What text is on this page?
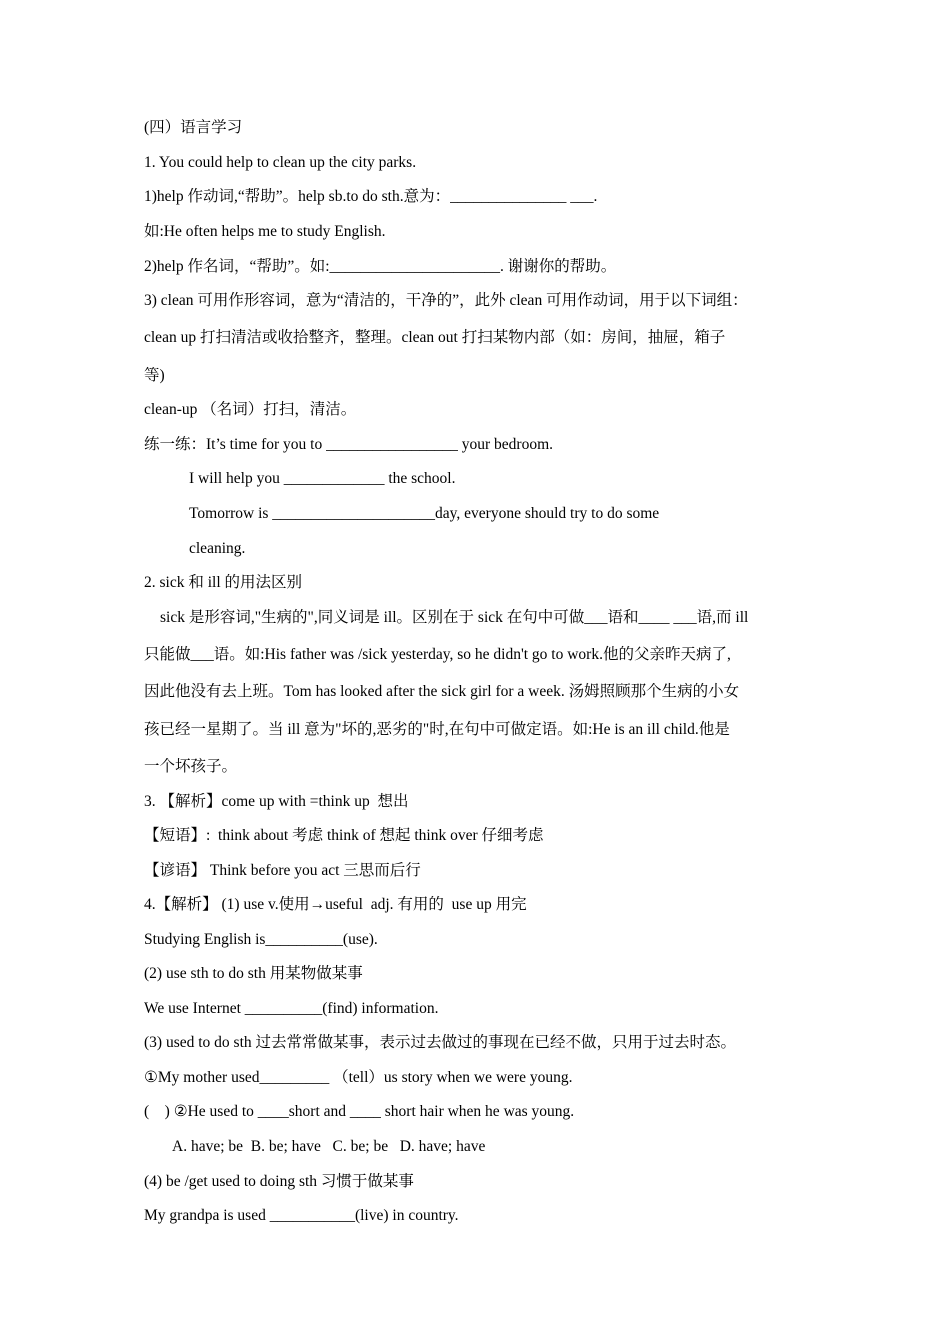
(四）语言学习
1. You could help to clean up the city parks.
1)help 作动词,“帮助”。help sb.to do sth.意为：_______________ ___.
如:He often helps me to study English.
2)help 作名词，“帮助”。如:______________________. 谢谢你的帮助。
3) clean 可用作形容词，意为“清洁的，干净的”，此外 clean 可用作动词，用于以下词组：
clean up 打扫清洁或收拾整齐，整理。clean out 打扫某物内部（如：房间，抽屉，箱子
等)
clean-up （名词）打扫，清洁。
练一练：It’s time for you to _________________ your bedroom.
I will help you _____________ the school.
Tomorrow is _____________________day, everyone should try to do some
cleaning.
2. sick 和 ill 的用法区别
sick 是形容词,"生病的",同义词是 ill。区别在于 sick 在句中可做___语和____ ___语,而 ill
只能做___语。如:His father was /sick yesterday, so he didn't go to work.他的父亲昨天病了,
因此他没有去上班。Tom has looked after the sick girl for a week. 汤姆照顾那个生病的小女
孩已经一星期了。当 ill 意为"坏的,恶劣的"时,在句中可做定语。如:He is an ill child.他是
一个坏孩子。
3. 【解析】come up with =think up  想出
【短语】:  think about 考虑 think of 想起 think over 仔细考虑
【谚语】 Think before you act 三思而后行
4.【解析】 (1) use v.使用→useful  adj. 有用的  use up 用完
Studying English is__________(use).
(2) use sth to do sth 用某物做某事
We use Internet __________(find) information.
(3) used to do sth 过去常常做某事，表示过去做过的事现在已经不做，只用于过去时态。
①My mother used_________ （tell）us story when we were young.
(    ) ②He used to ____short and ____ short hair when he was young.
A. have; be  B. be; have   C. be; be   D. have; have
(4) be /get used to doing sth 习惯于做某事
My grandpa is used ___________(live) in country.
